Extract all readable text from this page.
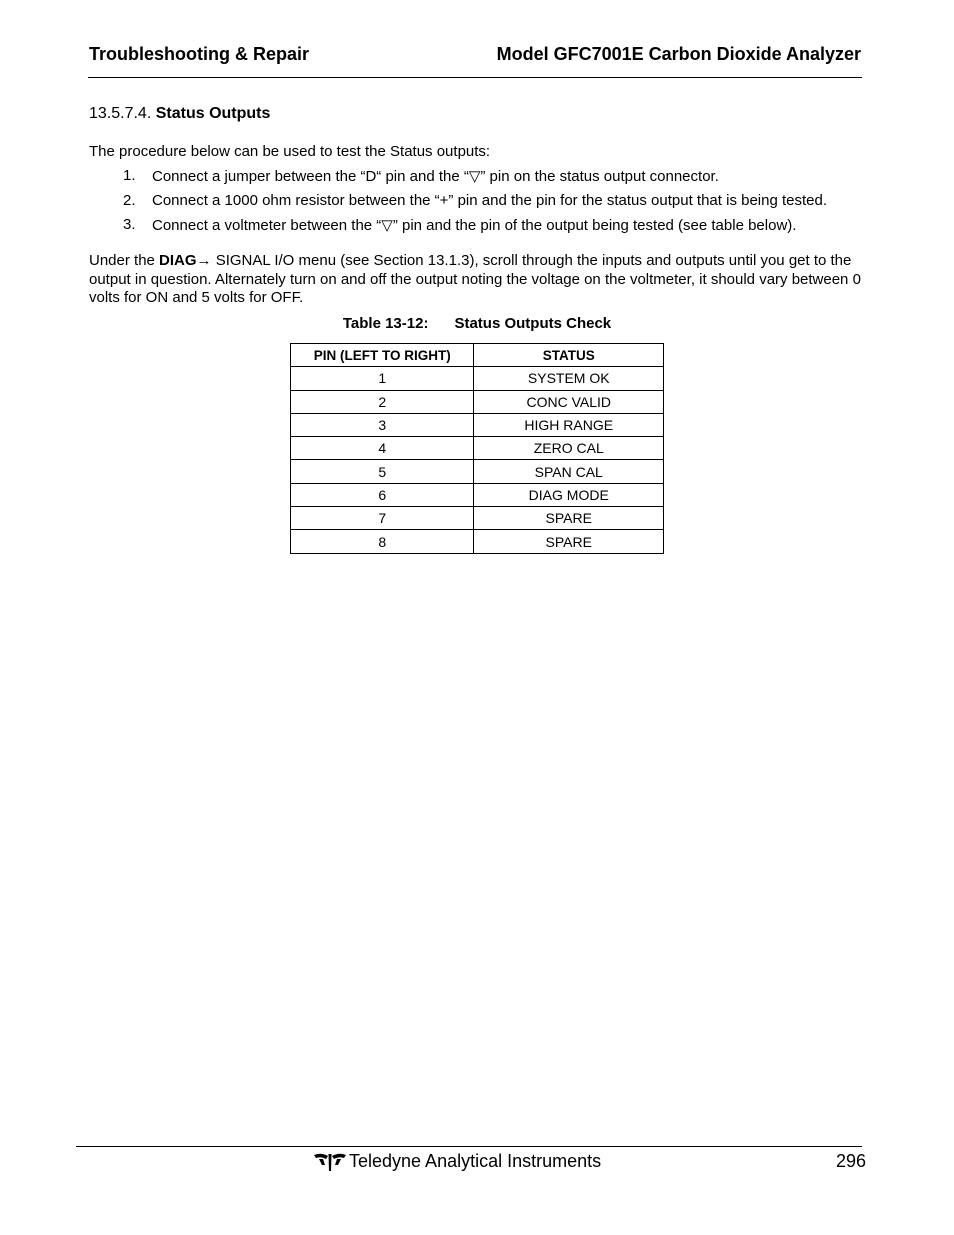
Troubleshooting & Repair	Model GFC7001E Carbon Dioxide Analyzer
13.5.7.4. Status Outputs
The procedure below can be used to test the Status outputs:
1. Connect a jumper between the “D“ pin and the “▽” pin on the status output connector.
2. Connect a 1000 ohm resistor between the “+” pin and the pin for the status output that is being tested.
3. Connect a voltmeter between the “▽” pin and the pin of the output being tested (see table below).
Under the DIAG→ SIGNAL I/O menu (see Section 13.1.3), scroll through the inputs and outputs until you get to the output in question. Alternately turn on and off the output noting the voltage on the voltmeter, it should vary between 0 volts for ON and 5 volts for OFF.
Table 13-12: Status Outputs Check
PIN (LEFT TO RIGHT)	STATUS
1	SYSTEM OK
2	CONC VALID
3	HIGH RANGE
4	ZERO CAL
5	SPAN CAL
6	DIAG MODE
7	SPARE
8	SPARE
Teledyne Analytical Instruments	296
